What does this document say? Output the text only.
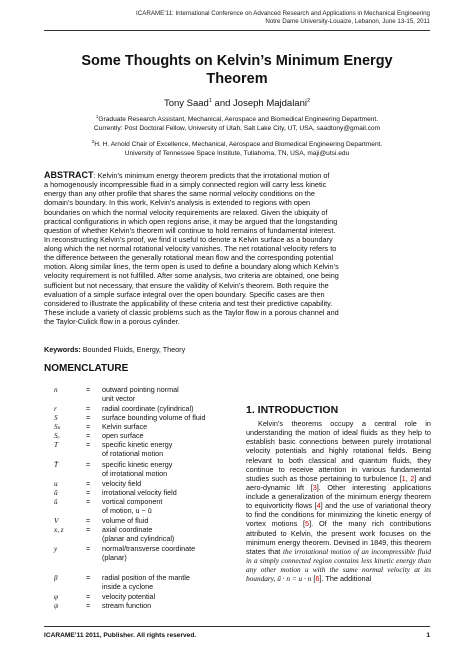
ICARAME’11: International Conference on Advanced Research and Applications in Mechanical Engineering
Notre Dame University-Louaize, Lebanon, June 13-15, 2011
Some Thoughts on Kelvin’s Minimum Energy
Theorem
Tony Saad$^1$ and Joseph Majdalani$^2$
$^1$Graduate Research Assistant, Mechanical, Aerospace and Biomedical Engineering Department.
Currently: Post Doctoral Fellow, University of Utah, Salt Lake City, UT, USA, saadtony@gmail.com
$^2$H. H. Arnold Chair of Excellence, Mechanical, Aerospace and Biomedical Engineering Department.
University of Tennessee Space Institute, Tullahoma, TN, USA, maji@utsi.edu
ABSTRACT: Kelvin’s minimum energy theorem predicts that the irrotational motion of
a homogenously incompressible fluid in a simply connected region will carry less kinetic
energy than any other profile that shares the same normal velocity conditions on the
domain’s boundary. In this work, Kelvin’s analysis is extended to regions with open
boundaries on which the normal velocity requirements are relaxed. Given the ubiquity of
practical configurations in which open regions arise, it may be argued that the longstanding
question of whether Kelvin’s theorem will continue to hold remains of fundamental interest.
In reconstructing Kelvin’s proof, we find it useful to denote a Kelvin surface as a boundary
along which the net normal rotational velocity vanishes. The net rotational velocity refers to
the difference between the generally rotational mean flow and the corresponding potential
motion. Along similar lines, the term open is used to define a boundary along which Kelvin’s
velocity requirement is not fulfilled. After some analysis, two criteria are obtained, one being
sufficient but not necessary, that ensure the validity of Kelvin’s theorem. Both require the
evaluation of a simple surface integral over the open boundary. Specific cases are then
considered to illustrate the applicability of these criteria and test their predictive capability.
These include a variety of classic problems such as the Taylor flow in a porous channel and
the Taylor-Culick flow in a porous cylinder.
Keywords: Bounded Fluids, Energy, Theory
NOMENCLATURE
n	= outward pointing normal
unit vector
r	= radial coordinate (cylindrical)
S	= surface bounding volume of fluid
Sₖ	= Kelvin surface
Sₒ	= open surface
T	= specific kinetic energy
of rotational motion
T̄	= specific kinetic energy
of irrotational motion
u	= velocity field
ū	= irrotational velocity field
û	= vortical component
of motion, u − ū
V	= volume of fluid
x, z	= axial coordinate
(planar and cylindrical)
y	= normal/transverse coordinate
(planar)
β	= radial position of the mantle
inside a cyclone
φ	= velocity potential
ψ	= stream function
1. INTRODUCTION

Kelvin’s theorems occupy a central role in understanding the motion of ideal fluids as they help to establish basic connections between purely irrotational velocity potentials and highly rotational fields. Being relevant to both classical and quantum fluids, they continue to receive attention in various fundamental studies such as those pertaining to turbulence [1, 2] and aero-dynamic lift [3]. Other interesting applications include a generalization of the minimum energy theorem to equivorticity flows [4] and the use of variational theory to find the conditions for minimizing the kinetic energy of vortex motions [5]. Of the many rich contributions attributed to Kelvin, the present work focuses on the minimum energy theorem. Devised in 1849, this theorem states that the irrotational motion of an incompressible fluid in a simply connected region contains less kinetic energy than any other motion u with the same normal velocity at its boundary, ū · n = u · n [6]. The additional

ICARAME’11 2011, Publisher. All rights reserved.	1
